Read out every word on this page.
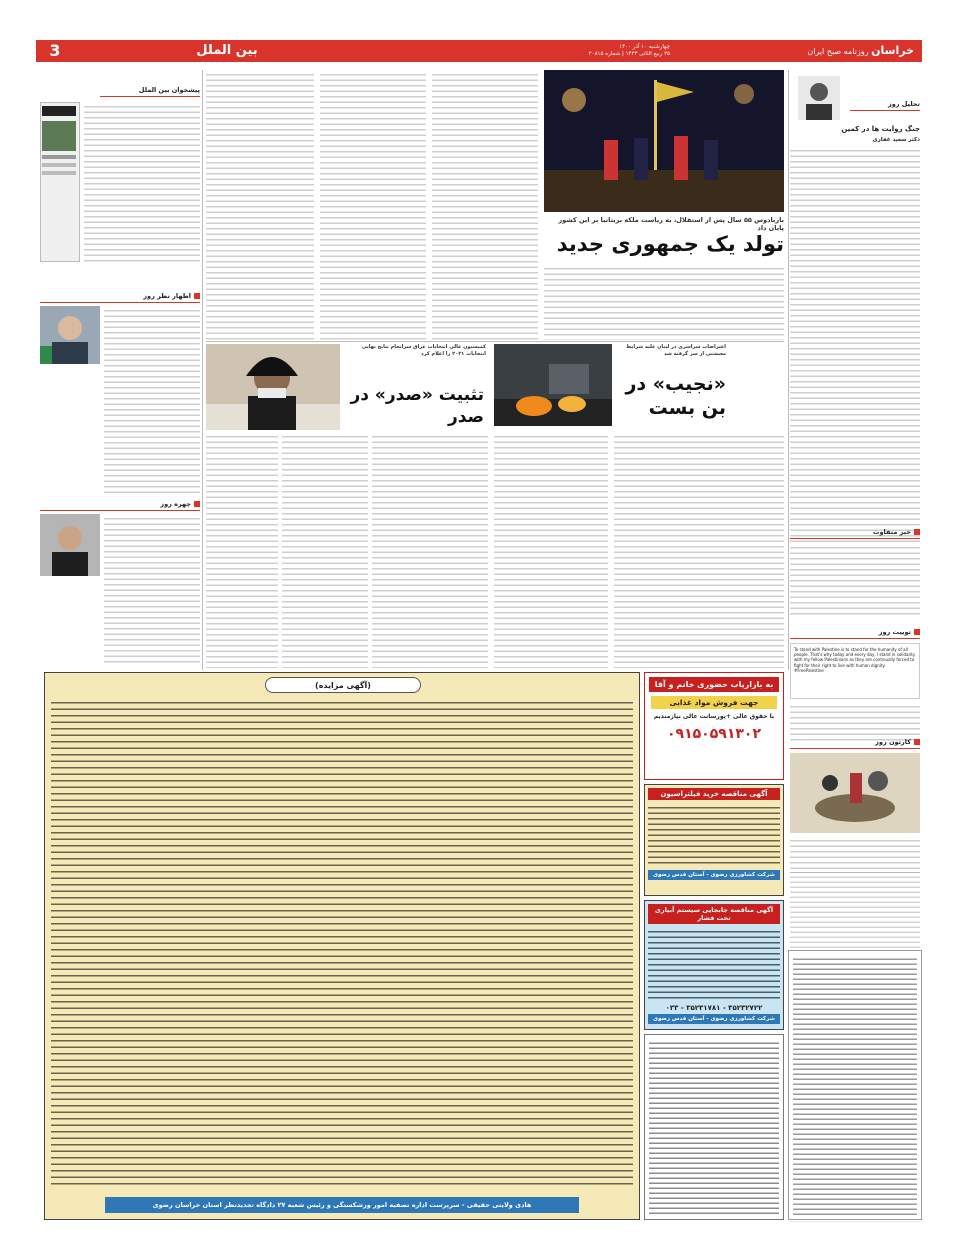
3	بین الملل	خراسان روزنامه صبح ایران
چهارشنبه ۱۰ آذر ۱۴۰۰
۲۵ ربیع الثانی ۱۴۴۳ | شماره ۲۰۸۱۵
تحلیل روز
جنگ روایت ها در کمین
دکتر سعید غفاری
خبر متفاوت
توییت روز
To stand with Palestine is to stand for the humanity of all people. That's why today and every day, I stand in solidarity with my fellow Palestinians as they are continually forced to fight for their right to live with human dignity. #FreePalestine
کارتون روز
باربادوس ۵۵ سال پس از استقلال، به ریاست ملکه بریتانیا بر این کشور پایان داد
تولد یک جمهوری جدید
اعتراضات سراسری در لبنان علیه شرایط معیشتی از سر گرفته شد
«نجیب» در بن بست
کمیسیون عالی انتخابات عراق سرانجام نتایج نهایی انتخابات ۲۰۲۱ را اعلام کرد
تثبیت «صدر» در صدر
پیشخوان بین الملل
اظهار نظر روز
چهره روز
(آگهی مزایده)
هادی ولایتی حقیقی - سرپرست اداره تصفیه امور ورشکستگی و رئیس شعبه ۲۷ دادگاه تجدیدنظر استان خراسان رضوی
به بازاریاب حضوری خانم و آقا
جهت فروش مواد غذایی
با حقوق عالی +پورسانت عالی نیازمندیم
۰۹۱۵۰۵۹۱۳۰۲
آگهی مناقصه خرید فیلتراسیون
شرکت کشاورزی رضوی - آستان قدس رضوی
آگهی مناقصه جابجایی سیستم آبیاری تحت فشار
۰۳۳ - ۳۵۲۳۱۷۸۱ - ۳۵۲۳۲۷۲۲
شرکت کشاورزی رضوی - آستان قدس رضوی
